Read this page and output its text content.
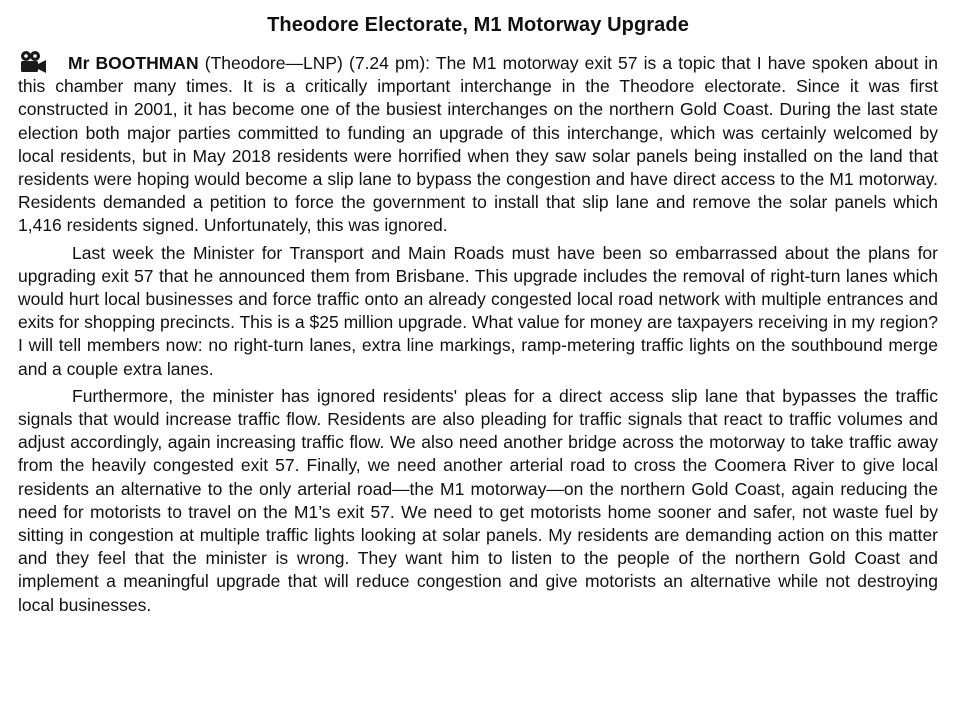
Theodore Electorate, M1 Motorway Upgrade

Mr BOOTHMAN (Theodore—LNP) (7.24 pm): The M1 motorway exit 57 is a topic that I have spoken about in this chamber many times. It is a critically important interchange in the Theodore electorate. Since it was first constructed in 2001, it has become one of the busiest interchanges on the northern Gold Coast. During the last state election both major parties committed to funding an upgrade of this interchange, which was certainly welcomed by local residents, but in May 2018 residents were horrified when they saw solar panels being installed on the land that residents were hoping would become a slip lane to bypass the congestion and have direct access to the M1 motorway. Residents demanded a petition to force the government to install that slip lane and remove the solar panels which 1,416 residents signed. Unfortunately, this was ignored.

Last week the Minister for Transport and Main Roads must have been so embarrassed about the plans for upgrading exit 57 that he announced them from Brisbane. This upgrade includes the removal of right-turn lanes which would hurt local businesses and force traffic onto an already congested local road network with multiple entrances and exits for shopping precincts. This is a $25 million upgrade. What value for money are taxpayers receiving in my region? I will tell members now: no right-turn lanes, extra line markings, ramp-metering traffic lights on the southbound merge and a couple extra lanes.

Furthermore, the minister has ignored residents' pleas for a direct access slip lane that bypasses the traffic signals that would increase traffic flow. Residents are also pleading for traffic signals that react to traffic volumes and adjust accordingly, again increasing traffic flow. We also need another bridge across the motorway to take traffic away from the heavily congested exit 57. Finally, we need another arterial road to cross the Coomera River to give local residents an alternative to the only arterial road—the M1 motorway—on the northern Gold Coast, again reducing the need for motorists to travel on the M1’s exit 57. We need to get motorists home sooner and safer, not waste fuel by sitting in congestion at multiple traffic lights looking at solar panels. My residents are demanding action on this matter and they feel that the minister is wrong. They want him to listen to the people of the northern Gold Coast and implement a meaningful upgrade that will reduce congestion and give motorists an alternative while not destroying local businesses.
